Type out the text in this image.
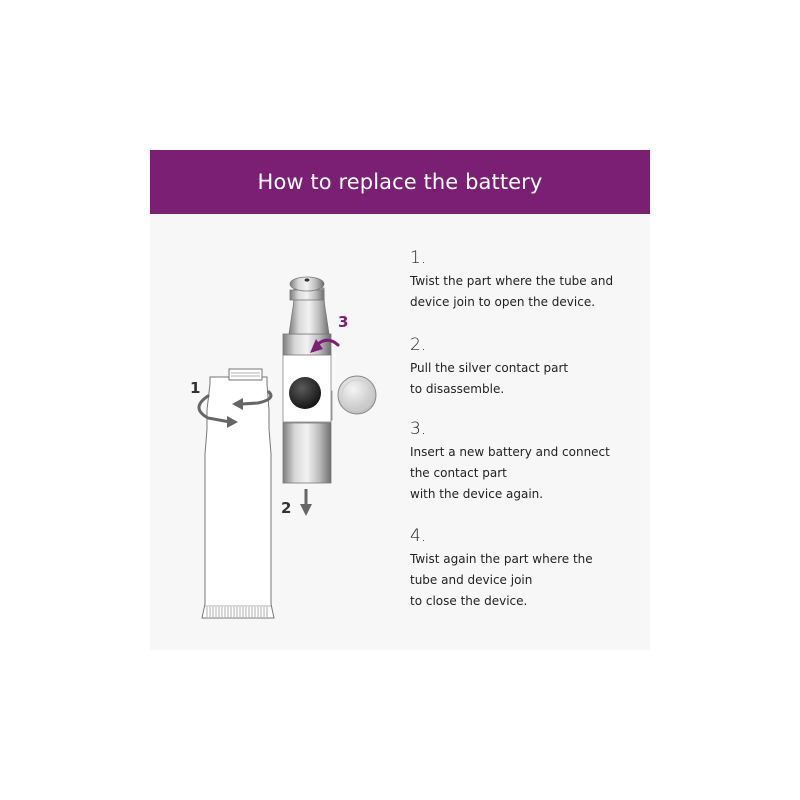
How to replace the battery
1
2
3
1.
Twist the part where the tube and
device join to open the device.
2.
Pull the silver contact part
to disassemble.
3.
Insert a new battery and connect
the contact part
with the device again.
4.
Twist again the part where the
tube and device join
to close the device.
